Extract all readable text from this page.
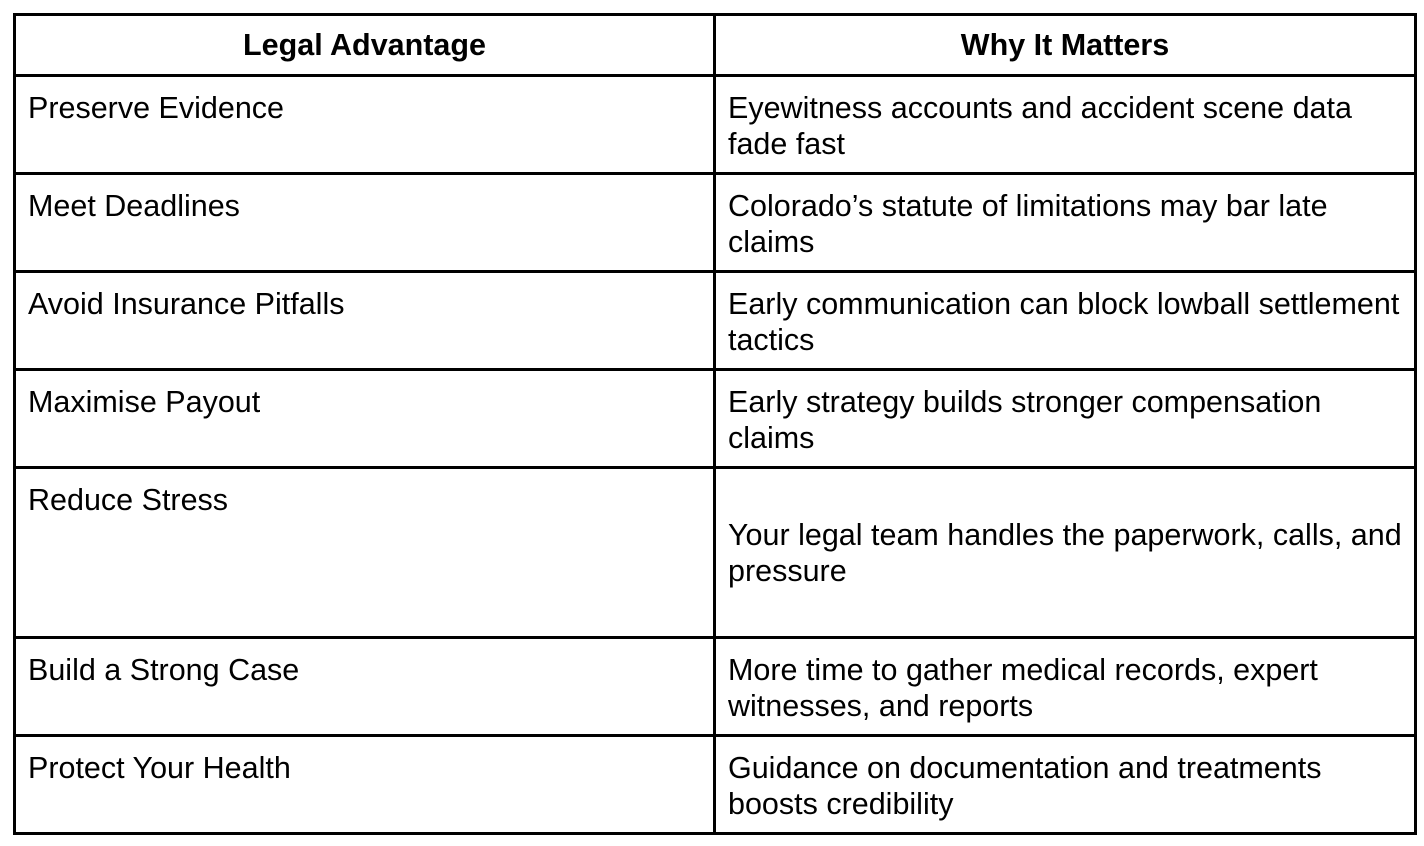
Legal Advantage	Why It Matters
Preserve Evidence	Eyewitness accounts and accident scene data fade fast
Meet Deadlines	Colorado’s statute of limitations may bar late claims
Avoid Insurance Pitfalls	Early communication can block lowball settlement tactics
Maximise Payout	Early strategy builds stronger compensation claims
Reduce Stress	Your legal team handles the paperwork, calls, and pressure
Build a Strong Case	More time to gather medical records, expert witnesses, and reports
Protect Your Health	Guidance on documentation and treatments boosts credibility
